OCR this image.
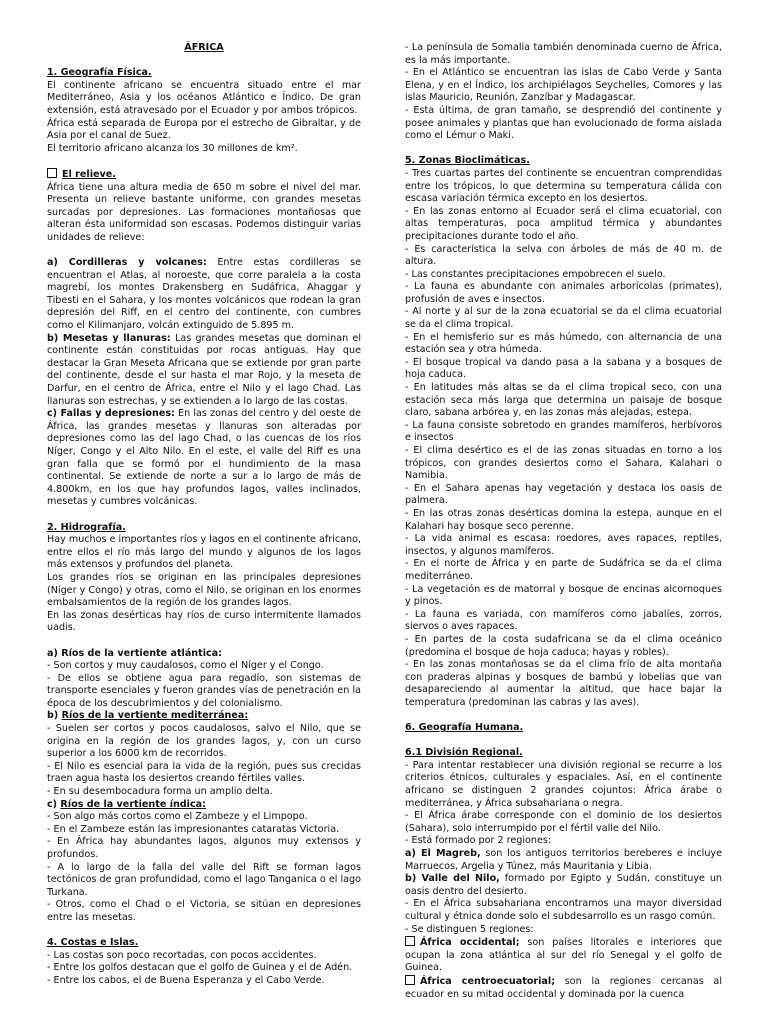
ÁFRICA

1. Geografía Física.

El continente africano se encuentra situado entre el mar Mediterráneo, Asia y los océanos Atlántico e Índico. De gran extensión, está atravesado por el Ecuador y por ambos trópicos.

África está separada de Europa por el estrecho de Gibraltar, y de Asia por el canal de Suez.

El territorio africano alcanza los 30 millones de km².

El relieve.

África tiene una altura media de 650 m sobre el nivel del mar. Presenta un relieve bastante uniforme, con grandes mesetas surcadas por depresiones. Las formaciones montañosas que alteran ésta uniformidad son escasas. Podemos distinguir varias unidades de relieve:

a) Cordilleras y volcanes: Entre estas cordilleras se encuentran el Atlas, al noroeste, que corre paralela a la costa magrebí, los montes Drakensberg en Sudáfrica, Ahaggar y Tibesti en el Sahara, y los montes volcánicos que rodean la gran depresión del Riff, en el centro del continente, con cumbres como el Kilimanjaro, volcán extinguido de 5.895 m.

b) Mesetas y llanuras: Las grandes mesetas que dominan el continente están constituidas por rocas antiguas. Hay que destacar la Gran Meseta Africana que se extiende por gran parte del continente, desde el sur hasta el mar Rojo, y la meseta de Darfur, en el centro de África, entre el Nilo y el lago Chad. Las llanuras son estrechas, y se extienden a lo largo de las costas.

c) Fallas y depresiones: En las zonas del centro y del oeste de África, las grandes mesetas y llanuras son alteradas por depresiones como las del lago Chad, o las cuencas de los ríos Níger, Congo y el Alto Nilo. En el este, el valle del Riff es una gran falla que se formó por el hundimiento de la masa continental. Se extiende de norte a sur a lo largo de más de 4.800km, en los que hay profundos lagos, valles inclinados, mesetas y cumbres volcánicas.

2. Hidrografía.

Hay muchos e importantes ríos y lagos en el continente africano, entre ellos el río más largo del mundo y algunos de los lagos más extensos y profundos del planeta.

Los grandes ríos se originan en las principales depresiones (Níger y Congo) y otras, como el Nilo, se originan en los enormes embalsamientos de la región de los grandes lagos.

En las zonas desérticas hay ríos de curso intermitente llamados uadis.

a) Ríos de la vertiente atlántica:

- Son cortos y muy caudalosos, como el Níger y el Congo.

- De ellos se obtiene agua para regadío, son sistemas de transporte esenciales y fueron grandes vías de penetración en la época de los descubrimientos y del colonialismo.

b) Ríos de la vertiente mediterránea:

- Suelen ser cortos y pocos caudalosos, salvo el Nilo, que se origina en la región de los grandes lagos, y, con un curso superior a los 6000 km de recorridos.

- El Nilo es esencial para la vida de la región, pues sus crecidas traen agua hasta los desiertos creando fértiles valles.

- En su desembocadura forma un amplio delta.

c) Ríos de la vertiente índica:

- Son algo más cortos como el Zambeze y el Limpopo.

- En el Zambeze están las impresionantes cataratas Victoria.

- En África hay abundantes lagos, algunos muy extensos y profundos.

- A lo largo de la falla del valle del Rift se forman lagos tectónicos de gran profundidad, como el lago Tanganica o el lago Turkana.

- Otros, como el Chad o el Victoria, se sitúan en depresiones entre las mesetas.

4. Costas e Islas.

- Las costas son poco recortadas, con pocos accidentes.

- Entre los golfos destacan que el golfo de Guinea y el de Adén.

- Entre los cabos, el de Buena Esperanza y el Cabo Verde.

- La península de Somalia también denominada cuerno de África, es la más importante.

- En el Atlántico se encuentran las islas de Cabo Verde y Santa Elena, y en el Índico, los archipiélagos Seychelles, Comores y las islas Mauricio, Reunión, Zanzíbar y Madagascar.

- Esta última, de gran tamaño, se desprendió del continente y posee animales y plantas que han evolucionado de forma aislada como el Lémur o Maki.

5. Zonas Bioclimáticas.

- Tres cuartas partes del continente se encuentran comprendidas entre los trópicos, lo que determina su temperatura cálida con escasa variación térmica excepto en los desiertos.

- En las zonas entorno al Ecuador será el clima ecuatorial, con altas temperaturas, poca amplitud térmica y abundantes precipitaciones durante todo el año.

- Es característica la selva con árboles de más de 40 m. de altura.

- Las constantes precipitaciones empobrecen el suelo.

- La fauna es abundante con animales arborícolas (primates), profusión de aves e insectos.

- Al norte y al sur de la zona ecuatorial se da el clima ecuatorial se da el clima tropical.

- En el hemisferio sur es más húmedo, con alternancia de una estación sea y otra húmeda.

- El bosque tropical va dando pasa a la sabana y a bosques de hoja caduca.

- En latitudes más altas se da el clima tropical seco, con una estación seca más larga que determina un paisaje de bosque claro, sabana arbórea y, en las zonas más alejadas, estepa.

- La fauna consiste sobretodo en grandes mamíferos, herbívoros e insectos

- El clima desértico es el de las zonas situadas en torno a los trópicos, con grandes desiertos como el Sahara, Kalahari o Namibia.

- En el Sahara apenas hay vegetación y destaca los oasis de palmera.

- En las otras zonas desérticas domina la estepa, aunque en el Kalahari hay bosque seco perenne.

- La vida animal es escasa: roedores, aves rapaces, reptiles, insectos, y algunos mamíferos.

- En el norte de África y en parte de Sudáfrica se da el clima mediterráneo.

- La vegetación es de matorral y bosque de encinas alcornoques y pinos.

- La fauna es variada, con mamíferos como jabalíes, zorros, siervos o aves rapaces.

- En partes de la costa sudafricana se da el clima oceánico (predomina el bosque de hoja caduca; hayas y robles).

- En las zonas montañosas se da el clima frío de alta montaña con praderas alpinas y bosques de bambú y lobelias que van desapareciendo al aumentar la altitud, que hace bajar la temperatura (predominan las cabras y las aves).

6. Geografía Humana.

6.1 División Regional.

- Para intentar restablecer una división regional se recurre a los criterios étnicos, culturales y espaciales. Así, en el continente africano se distinguen 2 grandes cojuntos: África árabe o mediterránea, y África subsahariana o negra.

- El África árabe corresponde con el dominio de los desiertos (Sahara), solo interrumpido por el fértil valle del Nilo.

- Está formado por 2 regiones:

a) El Magreb, son los antiguos territorios bereberes e incluye Marruecos, Argelia y Túnez, más Mauritania y Libia.

b) Valle del Nilo, formado por Egipto y Sudán, constituye un oasis dentro del desierto.

- En el África subsahariana encontramos una mayor diversidad cultural y étnica donde solo el subdesarrollo es un rasgo común.

- Se distinguen 5 regiones:

África occidental; son países litorales e interiores que ocupan la zona atlántica al sur del río Senegal y el golfo de Guinea.

África centroecuatorial; son la regiones cercanas al ecuador en su mitad occidental y dominada por la cuenca
